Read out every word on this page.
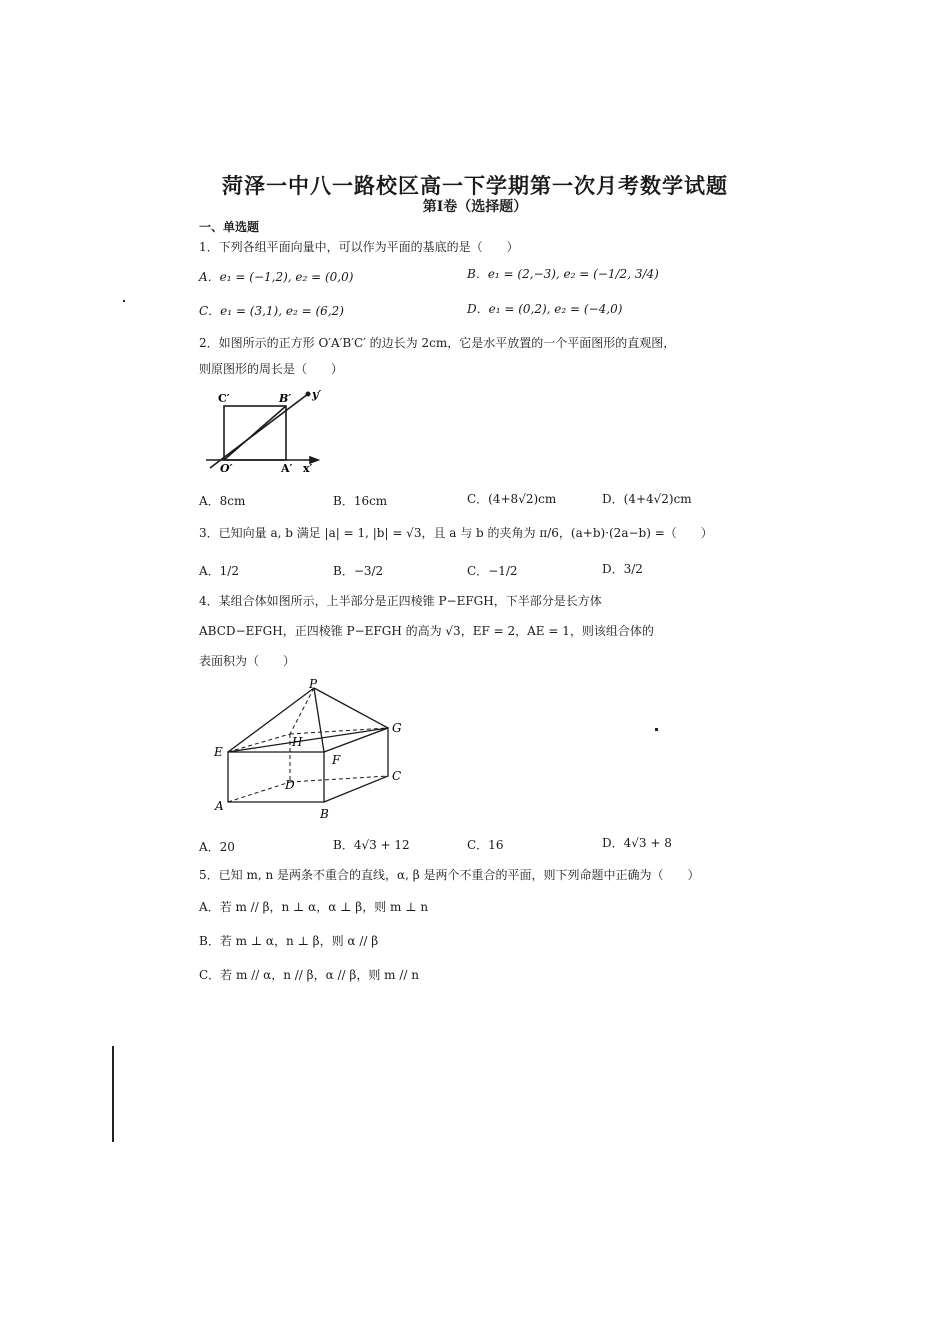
菏泽一中八一路校区高一下学期第一次月考数学试题
第Ⅰ卷（选择题）
一、单选题
1．下列各组平面向量中，可以作为平面的基底的是（　　）
A．e₁ = (−1,2), e₂ = (0,0)	B．e₁ = (2,−3), e₂ = (−1/2, 3/4)
C．e₁ = (3,1), e₂ = (6,2)	D．e₁ = (0,2), e₂ = (−4,0)
2．如图所示的正方形 O′A′B′C′ 的边长为 2cm，它是水平放置的一个平面图形的直观图，
则原图形的周长是（　　）
C′	B′ y′
O′	A′ x′
A．8cm	B．16cm	C．(4+8√2)cm	D．(4+4√2)cm
3．已知向量 a, b 满足 |a| = 1, |b| = √3，且 a 与 b 的夹角为 π/6，(a+b)·(2a−b) =（　　）
A．1/2	B．−3/2	C．−1/2	D．3/2
4．某组合体如图所示，上半部分是正四棱锥 P−EFGH，下半部分是长方体
ABCD−EFGH，正四棱锥 P−EFGH 的高为 √3，EF = 2，AE = 1，则该组合体的
表面积为（　　）
P
G
H
E
F
C
D
A
B
A．20	B．4√3 + 12	C．16	D．4√3 + 8
5．已知 m, n 是两条不重合的直线，α, β 是两个不重合的平面，则下列命题中正确为（　　）
A．若 m // β，n ⊥ α，α ⊥ β，则 m ⊥ n
B．若 m ⊥ α，n ⊥ β，则 α // β
C．若 m // α，n // β，α // β，则 m // n
